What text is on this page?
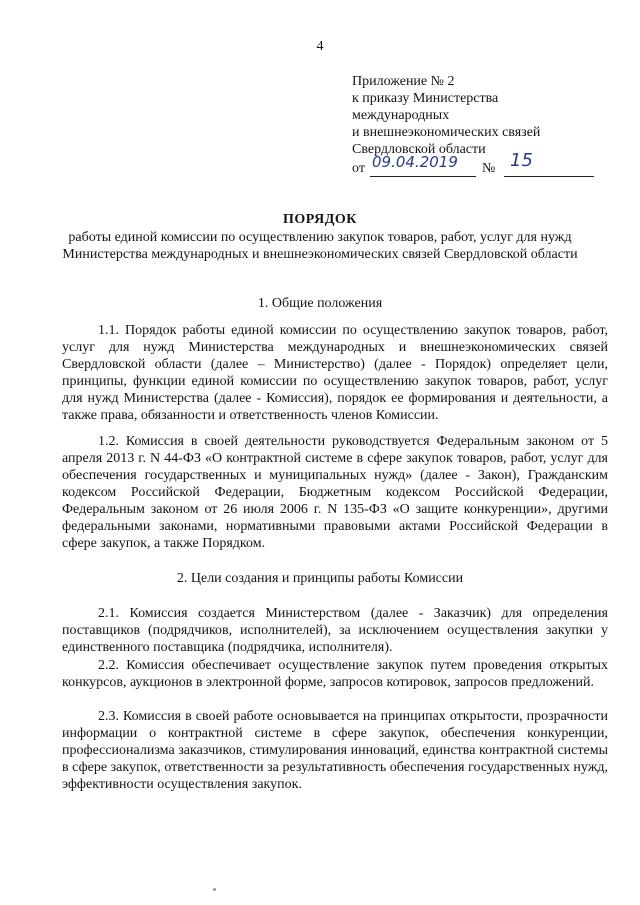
4
Приложение № 2
к приказу Министерства
международных
и внешнеэкономических связей
Свердловской области
от 09.04.2019 № 15
ПОРЯДОК
работы единой комиссии по осуществлению закупок товаров, работ, услуг для нужд Министерства международных и внешнеэкономических связей Свердловской области
1. Общие положения
1.1. Порядок работы единой комиссии по осуществлению закупок товаров, работ, услуг для нужд Министерства международных и внешнеэкономических связей Свердловской области (далее – Министерство) (далее - Порядок) определяет цели, принципы, функции единой комиссии по осуществлению закупок товаров, работ, услуг для нужд Министерства (далее - Комиссия), порядок ее формирования и деятельности, а также права, обязанности и ответственность членов Комиссии.
1.2. Комиссия в своей деятельности руководствуется Федеральным законом от 5 апреля 2013 г. N 44-ФЗ «О контрактной системе в сфере закупок товаров, работ, услуг для обеспечения государственных и муниципальных нужд» (далее - Закон), Гражданским кодексом Российской Федерации, Бюджетным кодексом Российской Федерации, Федеральным законом от 26 июля 2006 г. N 135-ФЗ «О защите конкуренции», другими федеральными законами, нормативными правовыми актами Российской Федерации в сфере закупок, а также Порядком.
2. Цели создания и принципы работы Комиссии
2.1. Комиссия создается Министерством (далее - Заказчик) для определения поставщиков (подрядчиков, исполнителей), за исключением осуществления закупки у единственного поставщика (подрядчика, исполнителя).
2.2. Комиссия обеспечивает осуществление закупок путем проведения открытых конкурсов, аукционов в электронной форме, запросов котировок, запросов предложений.
2.3. Комиссия в своей работе основывается на принципах открытости, прозрачности информации о контрактной системе в сфере закупок, обеспечения конкуренции, профессионализма заказчиков, стимулирования инноваций, единства контрактной системы в сфере закупок, ответственности за результативность обеспечения государственных нужд, эффективности осуществления закупок.
